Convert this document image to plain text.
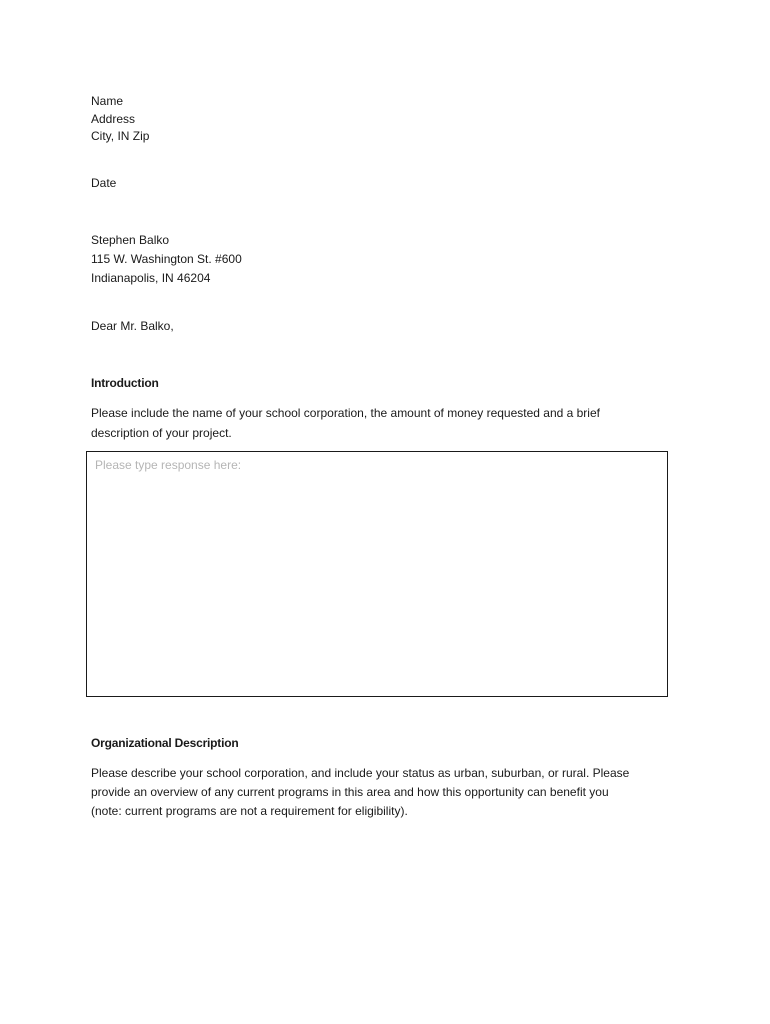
Name
Address
City, IN Zip
Date
Stephen Balko
115 W. Washington St. #600
Indianapolis, IN 46204
Dear Mr. Balko,
Introduction
Please include the name of your school corporation, the amount of money requested and a brief
description of your project.
Please type response here:
Organizational Description
Please describe your school corporation, and include your status as urban, suburban, or rural. Please
provide an overview of any current programs in this area and how this opportunity can benefit you
(note: current programs are not a requirement for eligibility).
